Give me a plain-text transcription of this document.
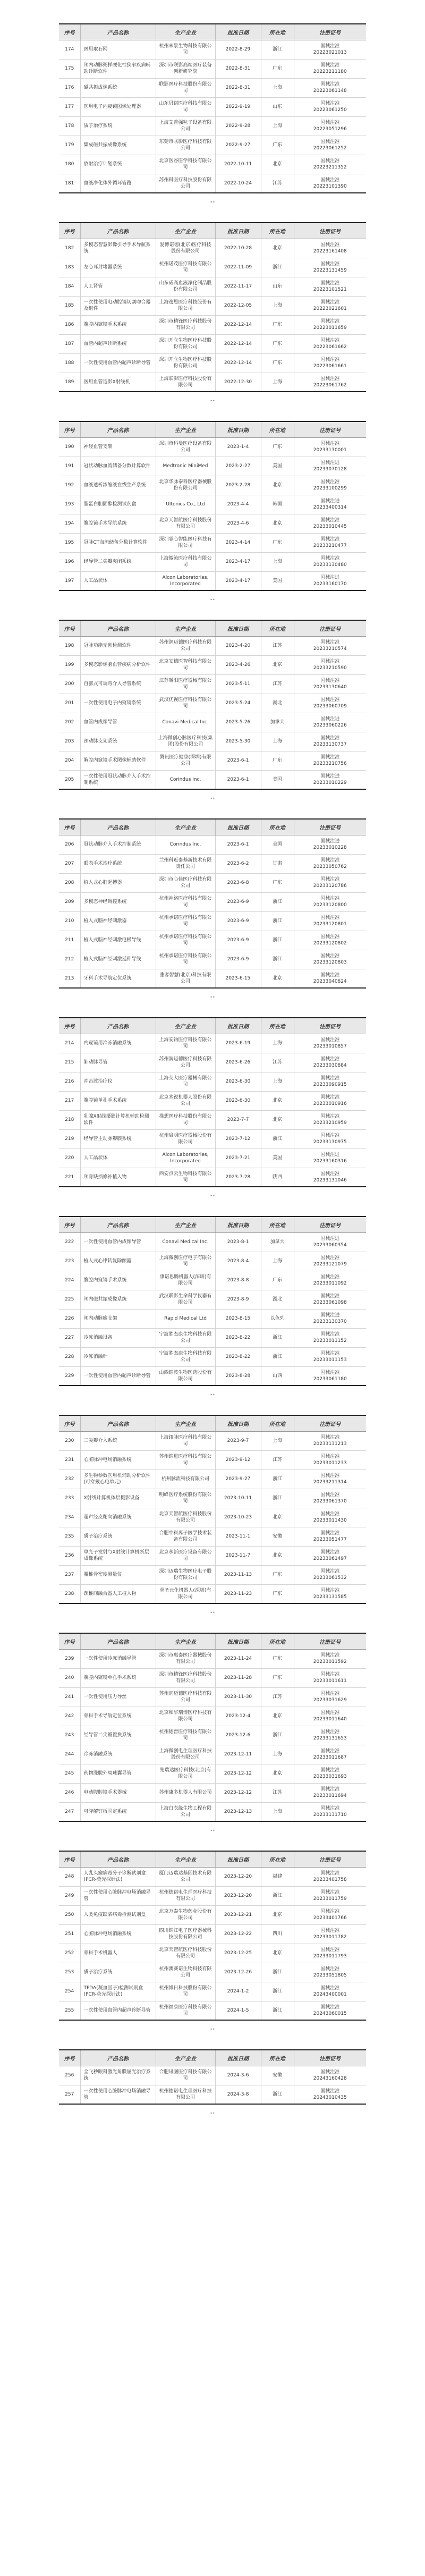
序号	产品名称	生产企业	批准日期	所在地	注册证号
174	医用取石网	杭州未景生物科技有限公司	2022-8-29	浙江	国械注准
20223021013

175	颅内动脉粥样硬化性狭窄疾病辅助诊断软件	深圳市联影高端医疗装备创新研究院	2022-8-31	广东	国械注准
20223211180

176	磁共振成像系统	联影医疗科技股份有限公司	2022-8-31	上海	国械注准
20223061148

177	医用电子内窥镜图像处理器	山东贝诺医疗科技有限公司	2022-9-19	山东	国械注准
20223061250

178	质子治疗系统	上海艾普强粒子设备有限公司	2022-9-28	上海	国械注准
20223051296

179	集成磁共振成像系统	东莞市联影医疗科技有限公司	2022-9-27	广东	国械注准
20223061252

180	放射治疗计划系统	北京医谷医学科技有限公司	2022-10-11	北京	国械注准
20223211352

181	血液净化体外循环管路	苏州科医疗科技股份有限公司	2022-10-24	江苏	国械注准
20223101390
••
序号	产品名称	生产企业	批准日期	所在地	注册证号
182	多模态智慧影像引导手术导航系统	爱博诺德(北京)医疗科技股份有限公司	2022-10-28	北京	国械注准
20223161408

183	左心耳封堵器系统	杭州诺茂医疗科技有限公司	2022-11-09	浙江	国械注准
20223131459

184	人工肾管	山东威高血液净化制品股份有限公司	2022-11-17	山东	国械注准
20223101521

185	一次性使用电动腔镜切割吻合器及组件	上海逸思医疗科技股份有限公司	2022-12-05	上海	国械注准
20223021601

186	腹腔内窥镜手术系统	深圳市精锋医疗科技股份有限公司	2022-12-14	广东	国械注准
20223011659

187	血管内超声诊断系统	深圳开立生物医疗科技股份有限公司	2022-12-14	广东	国械注准
20223061662

188	一次性使用血管内超声诊断导管	深圳开立生物医疗科技股份有限公司	2022-12-14	广东	国械注准
20223061661

189	医用血管造影X射线机	上海联影医疗科技股份有限公司	2022-12-30	上海	国械注准
20223061762
••
序号	产品名称	生产企业	批准日期	所在地	注册证号
190	神经血管支架	深圳市科曼医疗设备有限公司	2023-1-4	广东	国械注准
20233130001

191	冠状动脉血流储备分数计算软件	Medtronic MiniMed	2023-2-27	美国	国械注进
20233070128

192	血液透析浓缩液在线生产系统	北京华脉泰科医疗器械股份有限公司	2023-2-28	北京	国械注准
20233100299

193	脂蛋白胆固醇检测试剂盒	Ultonics Co., Ltd	2023-4-4	韩国	国械注进
20233400314

194	腹腔镜手术导航系统	北京天智航医疗科技股份有限公司	2023-4-6	北京	国械注准
20233010445

195	冠脉CT血流储备分数计算软件	深圳睿心智能医疗科技有限公司	2023-4-14	广东	国械注准
20233210477

196	经导管二尖瓣夹闭系统	上海傲流医疗科技有限公司	2023-4-17	上海	国械注准
20233130480

197	人工晶状体	Alcon Laboratories, Incorporated	2023-4-17	美国	国械注进
20233160170
••
序号	产品名称	生产企业	批准日期	所在地	注册证号
198	冠脉功能无创检测软件	苏州润迈德医疗科技有限公司	2023-4-20	江苏	国械注准
20233210574

199	多模态影像脑血管疾病分析软件	北京安德医智科技有限公司	2023-4-26	北京	国械注准
20233210590

200	自膨式可调弯介入导管系统	江苏暖阳医疗器械有限公司	2023-5-11	江苏	国械注准
20233130640

201	一次性使用电子内窥镜系统	武汉优视医疗科技有限公司	2023-5-24	湖北	国械注准
20233060709

202	血管内成像导管	Conavi Medical Inc.	2023-5-26	加拿大	国械注进
20233060226

203	颈动脉支架系统	上海微创心脉医疗科技(集团)股份有限公司	2023-5-30	上海	国械注准
20233130737

204	胸腔内窥镜手术图像辅助软件	腾讯医疗健康(深圳)有限公司	2023-6-1	广东	国械注准
20233210756

205	一次性使用冠状动脉介入手术控制系统	Corindus Inc.	2023-6-1	美国	国械注进
20233010229
••
序号	产品名称	生产企业	批准日期	所在地	注册证号
206	冠状动脉介入手术控制系统	Corindus Inc.	2023-6-1	美国	国械注进
20233010228

207	眼表手术治疗系统	兰州科近泰基新技术有限责任公司	2023-6-2	甘肃	国械注准
20233050762

208	植入式心脏起搏器	深圳市心佳医疗科技有限公司	2023-6-8	广东	国械注准
20233120786

209	多模态神经调控系统	杭州神络医疗科技有限公司	2023-6-9	浙江	国械注准
20233120800

210	植入式脑神经刺激器	杭州承诺医疗科技有限公司	2023-6-9	浙江	国械注准
20233120801

211	植入式脑神经刺激电极导线	杭州承诺医疗科技有限公司	2023-6-9	浙江	国械注准
20233120802

212	植入式脑神经刺激延伸导线	杭州承诺医疗科技有限公司	2023-6-9	浙江	国械注准
20233120803

213	牙科手术导航定位系统	雅客智慧(北京)科技有限公司	2023-6-15	北京	国械注准
20233040824
••
序号	产品名称	生产企业	批准日期	所在地	注册证号
214	内窥镜用冷冻消融系统	上海安钧医疗科技有限公司	2023-6-19	上海	国械注准
20233010857

215	肺动脉导管	苏州润迈德医疗科技有限公司	2023-6-26	江苏	国械注准
20233030884

216	冲击波治疗仪	上海交大医疗器械有限公司	2023-6-30	上海	国械注准
20233090915

217	腹腔镜单孔手术系统	北京术锐机器人股份有限公司	2023-6-30	北京	国械注准
20233010916

218	乳腺X射线摄影计算机辅助检测软件	推想医疗科技股份有限公司	2023-7-7	北京	国械注准
20233210959

219	经导管主动脉瓣膜系统	杭州启明医疗器械股份有限公司	2023-7-12	浙江	国械注准
20233130975

220	人工晶状体	Alcon Laboratories, Incorporated	2023-7-21	美国	国械注进
20233160316

221	颅骨缺损修补植入物	西安点云生物科技有限公司	2023-7-28	陕西	国械注准
20233131046
••
序号	产品名称	生产企业	批准日期	所在地	注册证号
222	一次性使用血管内成像导管	Conavi Medical Inc.	2023-8-1	加拿大	国械注进
20233060354

223	植入式心律转复除颤器	上海微创医疗电子有限公司	2023-8-4	上海	国械注准
20233121079

224	腹腔内窥镜手术系统	康诺思腾机器人(深圳)有限公司	2023-8-8	广东	国械注准
20233011092

225	颅内磁共振成像系统	武汉联影生命科学仪器有限公司	2023-8-9	湖北	国械注准
20233061098

226	颅内动脉瘤支架	Rapid Medical Ltd	2023-8-15	以色列	国械注进
20233130370

227	冷冻消融设备	宁波胜杰康生物科技有限公司	2023-8-22	浙江	国械注准
20233011152

228	冷冻消融针	宁波胜杰康生物科技有限公司	2023-8-22	浙江	国械注准
20233011153

229	一次性使用血管内超声诊断导管	山西锦波生物医药股份有限公司	2023-8-28	山西	国械注准
20233061180
••
序号	产品名称	生产企业	批准日期	所在地	注册证号
230	三尖瓣介入系统	上海纽脉医疗科技有限公司	2023-9-7	上海	国械注准
20233131213

231	心脏脉冲电场消融系统	苏州锦进医疗科技有限公司	2023-9-12	江苏	国械注准
20233011233

232	多生物参数医用机辅助分析软件(可穿戴心电单元)	杭州脉流科技有限公司	2023-9-27	浙江	国械注准
20233211314

233	X射线计算机体层摄影设备	明峰医疗系统股份有限公司	2023-10-11	浙江	国械注准
20233061370

234	超声经皮靶向消融系统	北京天智航医疗科技股份有限公司	2023-10-23	北京	国械注准
20233011430

235	质子治疗系统	合肥中科离子医学技术装备有限公司	2023-11-1	安徽	国械注准
20233051477

236	单光子发射与X射线计算机断层成像系统	北京永新医疗设备有限公司	2023-11-7	北京	国械注准
20233061497

237	腰椎骨密度测量仪	深圳迈瑞生物医疗电子股份有限公司	2023-11-13	广东	国械注准
20233061532

238	颈椎间融合器人工植入物	骨圣元化机器人(深圳)有限公司	2023-11-23	广东	国械注准
20233131585
••
序号	产品名称	生产企业	批准日期	所在地	注册证号
239	一次性使用冷冻消融导管	深圳市惠泰医疗器械股份有限公司	2023-11-24	广东	国械注准
20233011592

240	腹腔内窥镜单孔手术系统	深圳市精锋医疗科技股份有限公司	2023-11-28	广东	国械注准
20233011611

241	一次性使用压力导丝	苏州润迈德医疗科技有限公司	2023-11-30	江苏	国械注准
20233031629

242	骨科手术导航定位系统	北京和华瑞博医疗科技有限公司	2023-12-4	北京	国械注准
20233011640

243	经导管二尖瓣置换系统	杭州德晋医疗科技有限公司	2023-12-6	浙江	国械注准
20233131653

244	冷冻消融系统	上海微创电生理医疗科技股份有限公司	2023-12-11	上海	国械注准
20233011687

245	药物洗脱外周球囊导管	先瑞达医疗科技(北京)有限公司	2023-12-12	北京	国械注准
20233031693

246	电动腹腔镜手术器械	苏州康多机器人有限公司	2023-12-12	江苏	国械注准
20233011694

247	可降解钉板固定系统	上海白衣缘生物工程有限公司	2023-12-13	上海	国械注准
20233131710
••
序号	产品名称	生产企业	批准日期	所在地	注册证号
248	人乳头瘤病毒分子诊断试剂盒(PCR-荧光探针法)	厦门迈瑞达基因技术有限公司	2023-12-20	福建	国械注准
20233401758

249	一次性使用心脏脉冲电场消融导管	杭州德诺电生理医疗科技有限公司	2023-12-20	浙江	国械注准
20233011759

250	人类免疫缺陷病毒检测试剂盒	北京万泰生物药业股份有限公司	2023-12-21	北京	国械注准
20233401766

251	心脏脉冲电场消融系统	四川锦江电子医疗器械科技股份有限公司	2023-12-22	四川	国械注准
20233011782

252	骨科手术机器人	北京天智航医疗科技股份有限公司	2023-12-25	北京	国械注准
20233011793

253	质子治疗系统	杭州澳赛诺生物科技有限公司	2023-12-26	浙江	国械注准
20233051805

254	TFDA(凝血因子)检测试剂盒(PCR-荧光探针法)	杭州博日科技股份有限公司	2024-1-2	浙江	国械注准
20243400001

255	一次性使用血管内超声诊断导管	杭州福康医疗科技有限公司	2024-1-5	浙江	国械注准
20243060015
••
序号	产品名称	生产企业	批准日期	所在地	注册证号
256	全飞秒眼科激光角膜屈光治疗系统	合肥讯图医疗科技有限公司	2024-3-6	安徽	国械注准
20243160428

257	一次性使用心脏脉冲电场消融导管	杭州德诺电生理医疗科技有限公司	2024-3-8	浙江	国械注准
20243010435
••
